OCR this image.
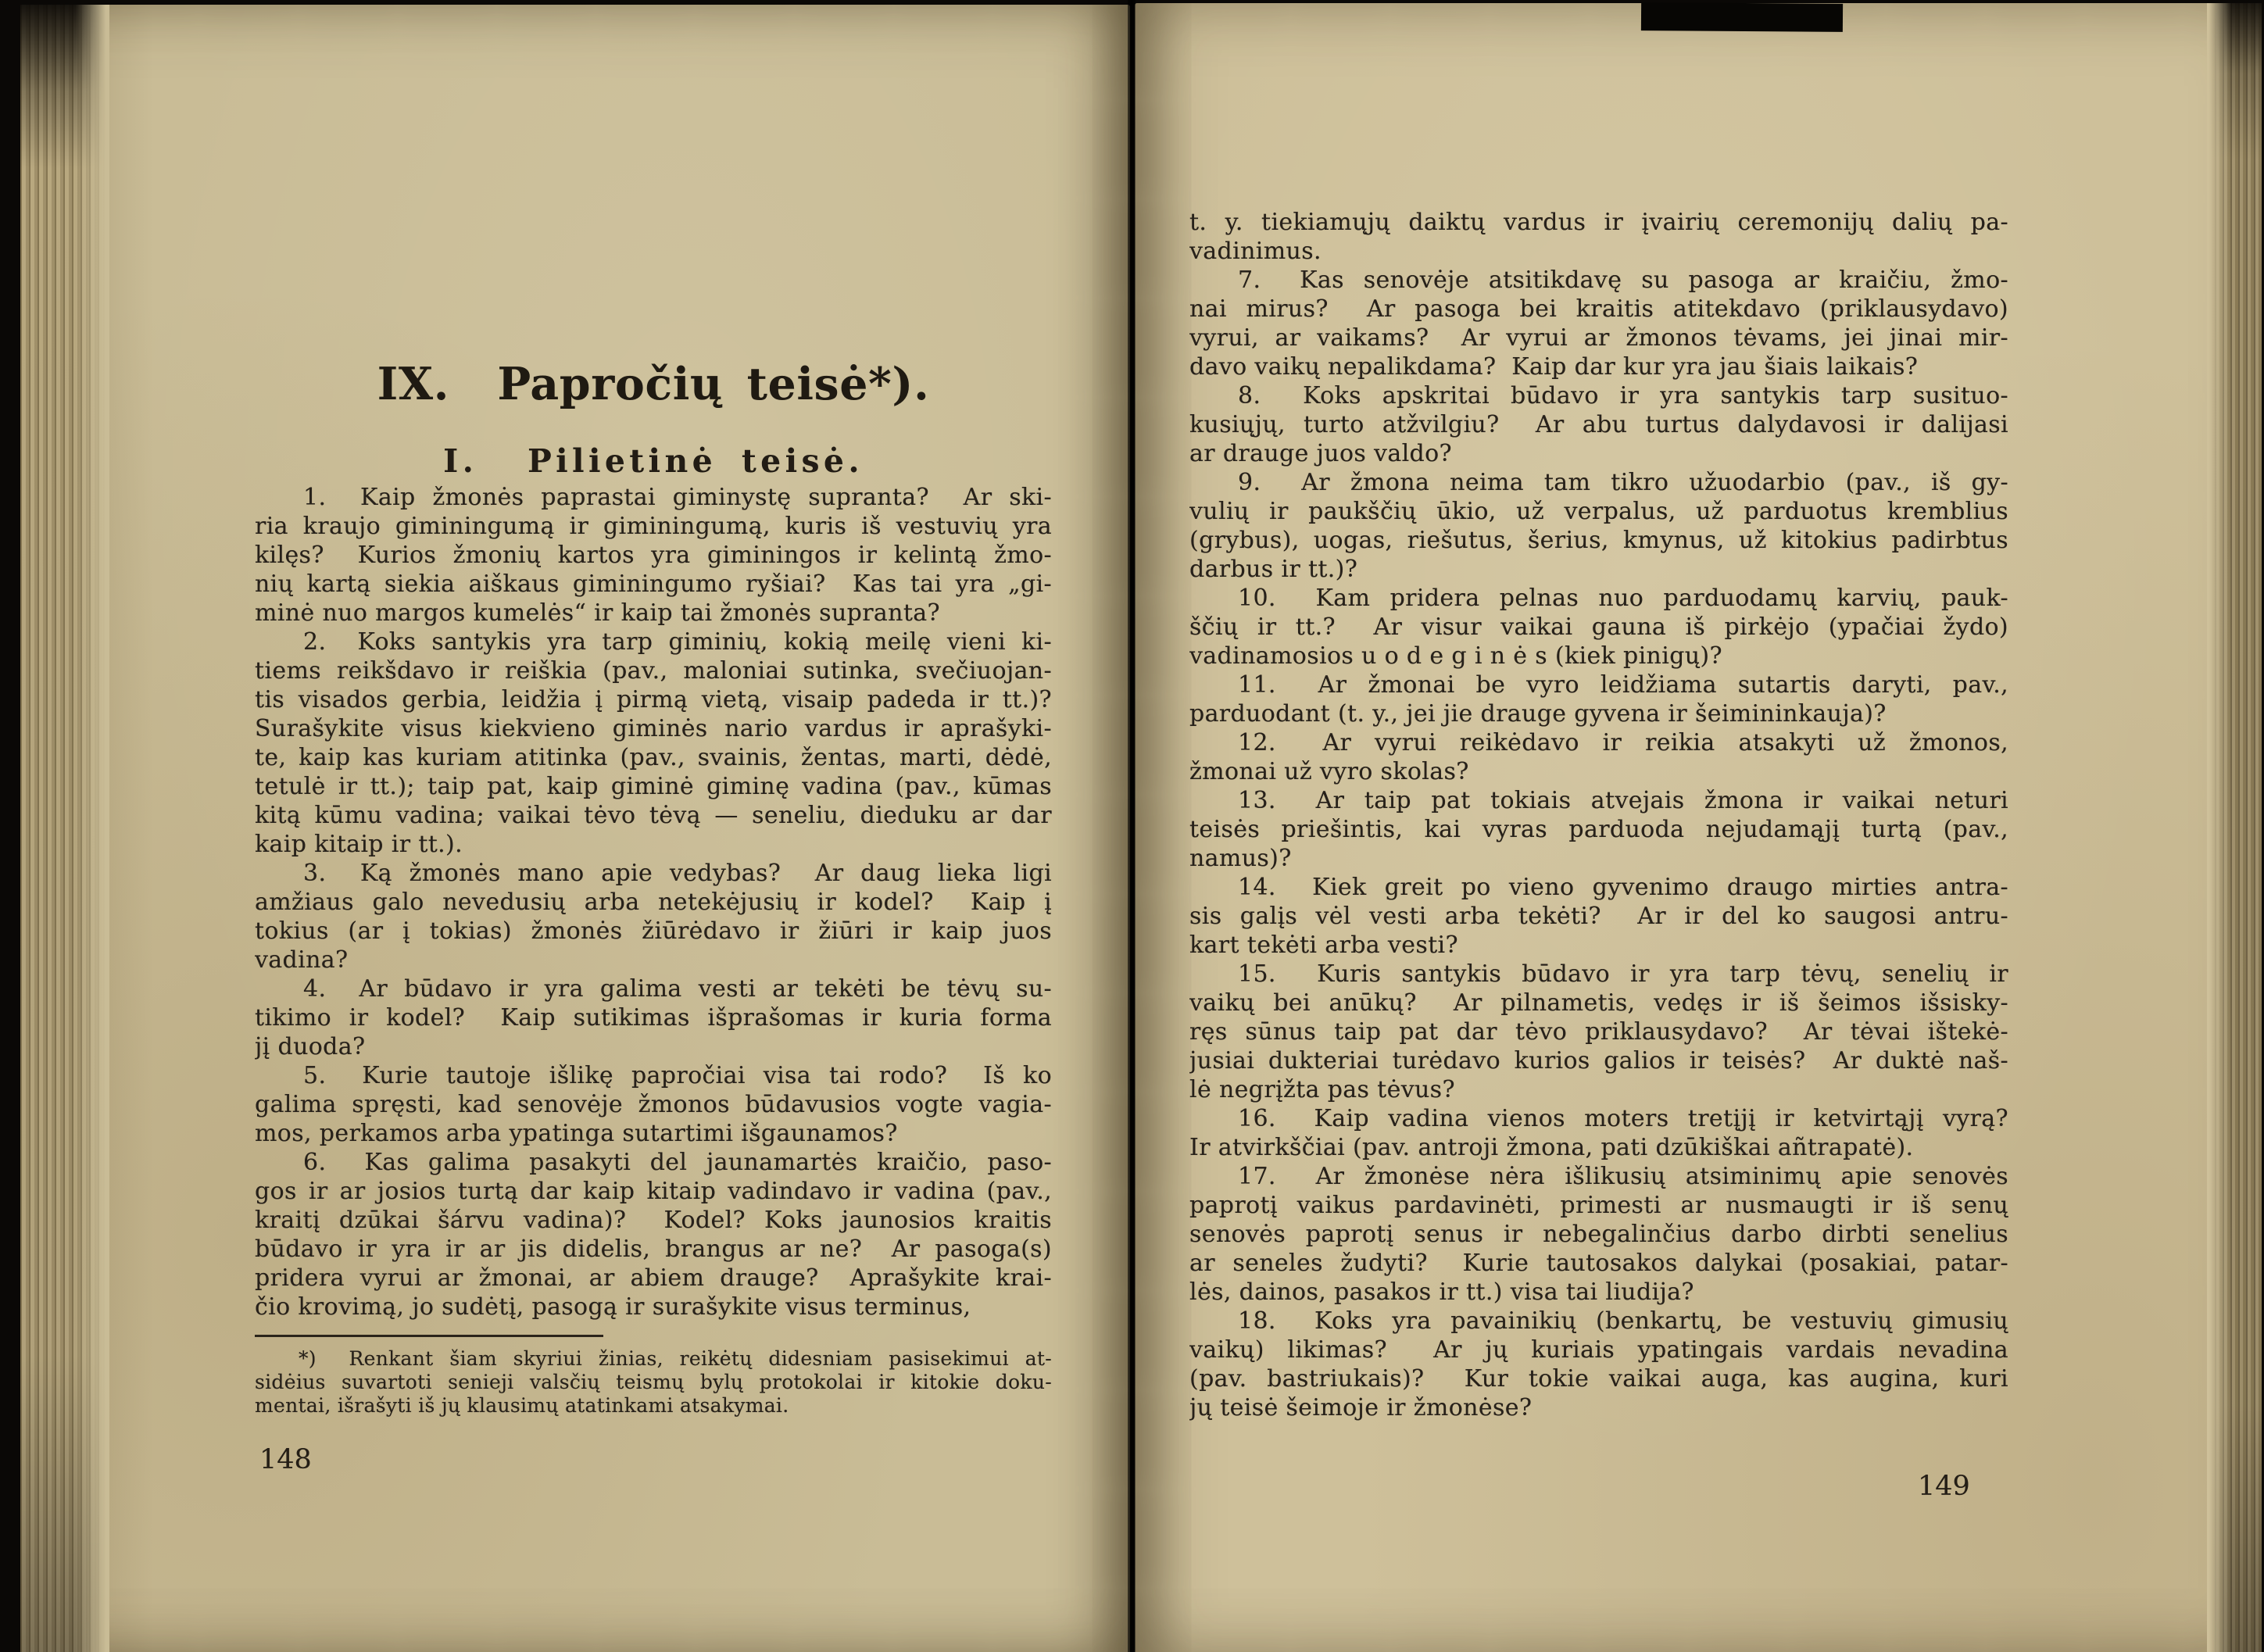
IX.  Papročių teisė*).
I.  Pilietinė teisė.
1.  Kaip žmonės paprastai giminystę supranta?  Ar ski-
ria kraujo giminingumą ir giminingumą, kuris iš vestuvių yra
kilęs?  Kurios žmonių kartos yra giminingos ir kelintą žmo-
nių kartą siekia aiškaus giminingumo ryšiai?  Kas tai yra „gi-
minė nuo margos kumelės“ ir kaip tai žmonės supranta?
2.  Koks santykis yra tarp giminių, kokią meilę vieni ki-
tiems reikšdavo ir reiškia (pav., maloniai sutinka, svečiuojan-
tis visados gerbia, leidžia į pirmą vietą, visaip padeda ir tt.)?
Surašykite visus kiekvieno giminės nario vardus ir aprašyki-
te, kaip kas kuriam atitinka (pav., svainis, žentas, marti, dėdė,
tetulė ir tt.); taip pat, kaip giminė giminę vadina (pav., kūmas
kitą kūmu vadina; vaikai tėvo tėvą — seneliu, dieduku ar dar
kaip kitaip ir tt.).
3.  Ką žmonės mano apie vedybas?  Ar daug lieka ligi
amžiaus galo nevedusių arba netekėjusių ir kodel?  Kaip į
tokius (ar į tokias) žmonės žiūrėdavo ir žiūri ir kaip juos
vadina?
4.  Ar būdavo ir yra galima vesti ar tekėti be tėvų su-
tikimo ir kodel?  Kaip sutikimas išprašomas ir kuria forma
jį duoda?
5.  Kurie tautoje išlikę papročiai visa tai rodo?  Iš ko
galima spręsti, kad senovėje žmonos būdavusios vogte vagia-
mos, perkamos arba ypatinga sutartimi išgaunamos?
6.  Kas galima pasakyti del jaunamartės kraičio, paso-
gos ir ar josios turtą dar kaip kitaip vadindavo ir vadina (pav.,
kraitį dzūkai šárvu vadina)?  Kodel? Koks jaunosios kraitis
būdavo ir yra ir ar jis didelis, brangus ar ne?  Ar pasoga(s)
pridera vyrui ar žmonai, ar abiem drauge?  Aprašykite krai-
čio krovimą, jo sudėtį, pasogą ir surašykite visus terminus,
*)  Renkant šiam skyriui žinias, reikėtų didesniam pasisekimui at-
sidėius suvartoti senieji valsčių teismų bylų protokolai ir kitokie doku-
mentai, išrašyti iš jų klausimų atatinkami atsakymai.
148
t. y. tiekiamųjų daiktų vardus ir įvairių ceremonijų dalių pa-
vadinimus.
7.  Kas senovėje atsitikdavę su pasoga ar kraičiu, žmo-
nai mirus?  Ar pasoga bei kraitis atitekdavo (priklausydavo)
vyrui, ar vaikams?  Ar vyrui ar žmonos tėvams, jei jinai mir-
davo vaikų nepalikdama?  Kaip dar kur yra jau šiais laikais?
8.  Koks apskritai būdavo ir yra santykis tarp susituo-
kusiųjų, turto atžvilgiu?  Ar abu turtus dalydavosi ir dalijasi
ar drauge juos valdo?
9.  Ar žmona neima tam tikro užuodarbio (pav., iš gy-
vulių ir paukščių ūkio, už verpalus, už parduotus kremblius
(grybus), uogas, riešutus, šerius, kmynus, už kitokius padirbtus
darbus ir tt.)?
10.  Kam pridera pelnas nuo parduodamų karvių, pauk-
ščių ir tt.?  Ar visur vaikai gauna iš pirkėjo (ypačiai žydo)
vadinamosios u o d e g i n ė s (kiek pinigų)?
11.  Ar žmonai be vyro leidžiama sutartis daryti, pav.,
parduodant (t. y., jei jie drauge gyvena ir šeimininkauja)?
12.  Ar vyrui reikėdavo ir reikia atsakyti už žmonos,
žmonai už vyro skolas?
13.  Ar taip pat tokiais atvejais žmona ir vaikai neturi
teisės priešintis, kai vyras parduoda nejudamąjį turtą (pav.,
namus)?
14.  Kiek greit po vieno gyvenimo draugo mirties antra-
sis galįs vėl vesti arba tekėti?  Ar ir del ko saugosi antru-
kart tekėti arba vesti?
15.  Kuris santykis būdavo ir yra tarp tėvų, senelių ir
vaikų bei anūkų?  Ar pilnametis, vedęs ir iš šeimos išsisky-
ręs sūnus taip pat dar tėvo priklausydavo?  Ar tėvai ištekė-
jusiai dukteriai turėdavo kurios galios ir teisės?  Ar duktė naš-
lė negrįžta pas tėvus?
16.  Kaip vadina vienos moters tretįjį ir ketvirtąjį vyrą?
Ir atvirkščiai (pav. antroji žmona, pati dzūkiškai añtrapatė).
17.  Ar žmonėse nėra išlikusių atsiminimų apie senovės
paprotį vaikus pardavinėti, primesti ar nusmaugti ir iš senų
senovės paprotį senus ir nebegalinčius darbo dirbti senelius
ar seneles žudyti?  Kurie tautosakos dalykai (posakiai, patar-
lės, dainos, pasakos ir tt.) visa tai liudija?
18.  Koks yra pavainikių (benkartų, be vestuvių gimusių
vaikų) likimas?  Ar jų kuriais ypatingais vardais nevadina
(pav. bastriukais)?  Kur tokie vaikai auga, kas augina, kuri
jų teisė šeimoje ir žmonėse?
149
